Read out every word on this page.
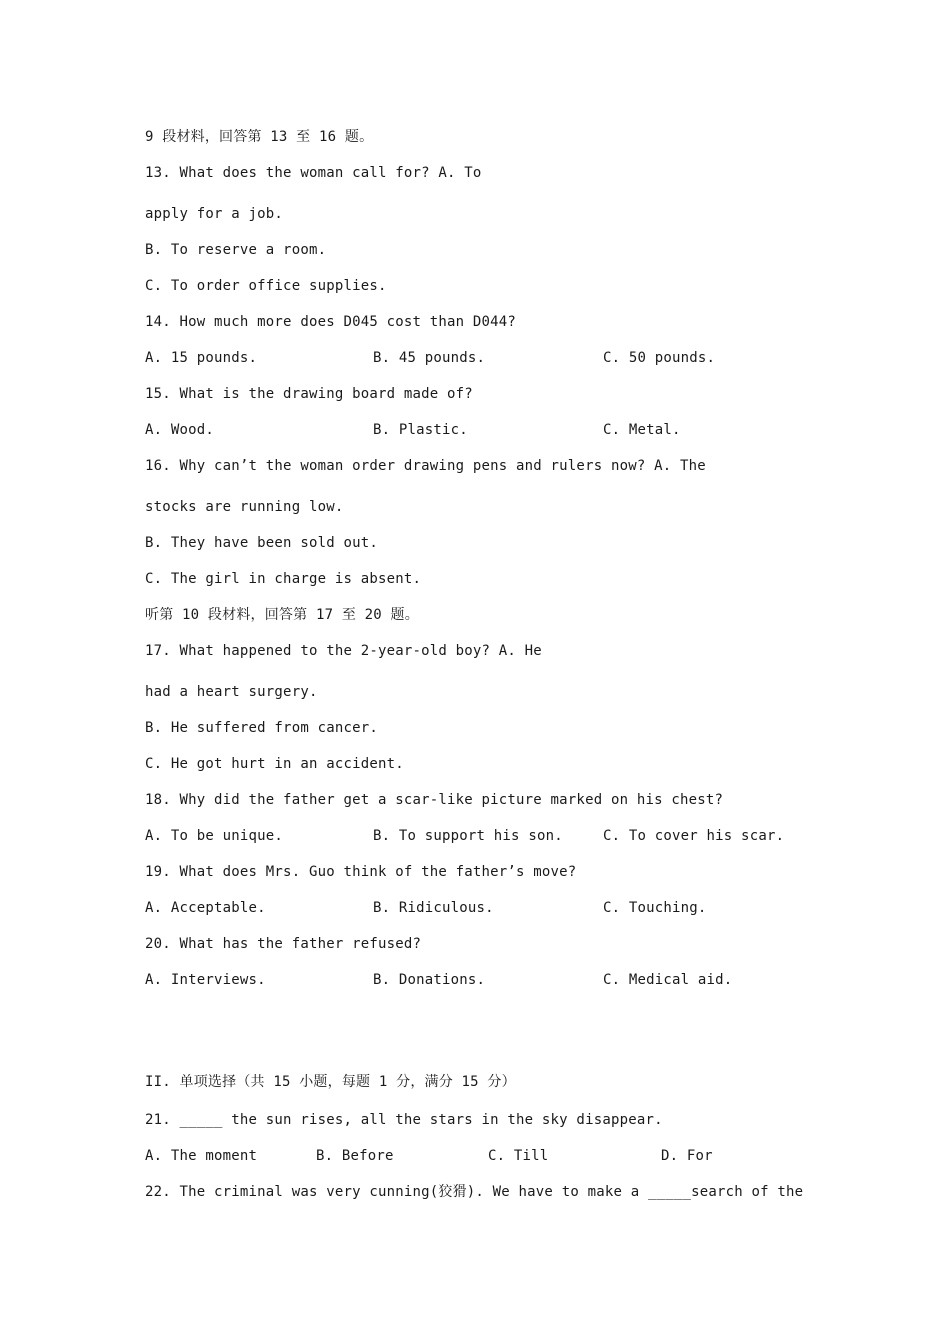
9 段材料，回答第 13 至 16 题。
13. What does the woman call for? A. To
apply for a job.
B. To reserve a room.
C. To order office supplies.
14. How much more does D045 cost than D044?
A. 15 pounds.	B. 45 pounds.	C. 50 pounds.
15. What is the drawing board made of?
A. Wood.	B. Plastic.	C. Metal.
16. Why can’t the woman order drawing pens and rulers now? A. The
stocks are running low.
B. They have been sold out.
C. The girl in charge is absent.
听第 10 段材料，回答第 17 至 20 题。
17. What happened to the 2-year-old boy? A. He
had a heart surgery.
B. He suffered from cancer.
C. He got hurt in an accident.
18. Why did the father get a scar-like picture marked on his chest?
A. To be unique.	B. To support his son.	C. To cover his scar.
19. What does Mrs. Guo think of the father’s move?
A. Acceptable.	B. Ridiculous.	C. Touching.
20. What has the father refused?
A. Interviews.	B. Donations.	C. Medical aid.
II. 单项选择（共 15 小题，每题 1 分，满分 15 分）
21. _____ the sun rises, all the stars in the sky disappear.
A. The moment	B. Before	C. Till	D. For
22. The criminal was very cunning(狡猾). We have to make a _____search of the
